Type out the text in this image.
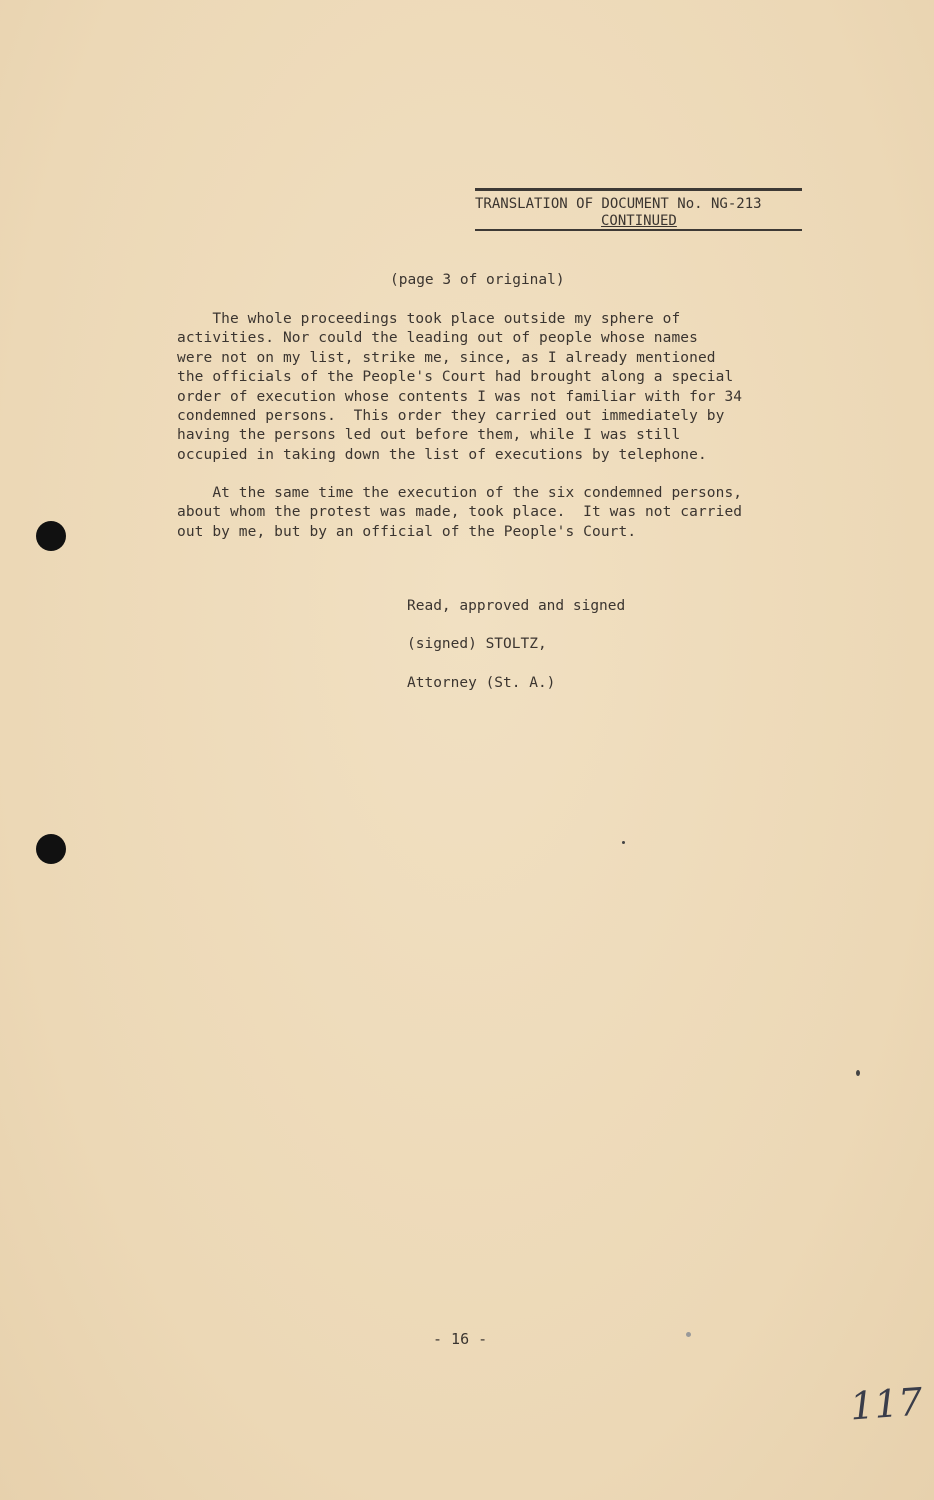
TRANSLATION OF DOCUMENT No. NG-213
CONTINUED
(page 3 of original)
The whole proceedings took place outside my sphere of
activities. Nor could the leading out of people whose names
were not on my list, strike me, since, as I already mentioned
the officials of the People's Court had brought along a special
order of execution whose contents I was not familiar with for 34
condemned persons.  This order they carried out immediately by
having the persons led out before them, while I was still
occupied in taking down the list of executions by telephone.
At the same time the execution of the six condemned persons,
about whom the protest was made, took place.  It was not carried
out by me, but by an official of the People's Court.
Read, approved and signed
(signed) STOLTZ,
Attorney (St. A.)
- 16 -
117
